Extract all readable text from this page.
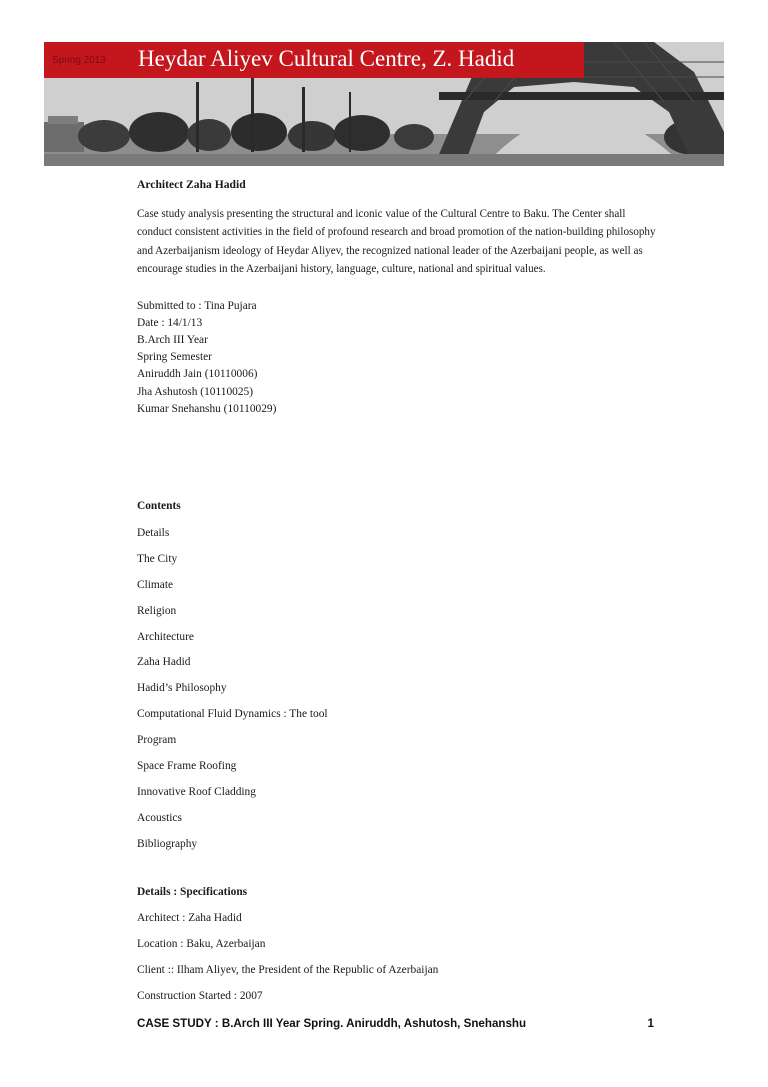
Spring 2013 Heydar Aliyev Cultural Centre, Z. Hadid
Architect Zaha Hadid
Case study analysis presenting the structural and iconic value of the Cultural Centre to Baku. The Center shall conduct consistent activities in the field of profound research and broad promotion of the nation-building philosophy and Azerbaijanism ideology of Heydar Aliyev, the recognized national leader of the Azerbaijani people, as well as encourage studies in the Azerbaijani history, language, culture, national and spiritual values.
Submitted to : Tina Pujara
Date : 14/1/13
B.Arch III Year
Spring Semester
Aniruddh Jain (10110006)
Jha Ashutosh (10110025)
Kumar Snehanshu (10110029)
Contents
Details
The City
Climate
Religion
Architecture
Zaha Hadid
Hadid’s Philosophy
Computational Fluid Dynamics : The tool
Program
Space Frame Roofing
Innovative Roof Cladding
Acoustics
Bibliography
Details : Specifications
Architect : Zaha Hadid
Location : Baku, Azerbaijan
Client :: Ilham Aliyev, the President of the Republic of Azerbaijan
Construction Started : 2007
CASE STUDY : B.Arch III Year Spring. Aniruddh, Ashutosh, Snehanshu	1
